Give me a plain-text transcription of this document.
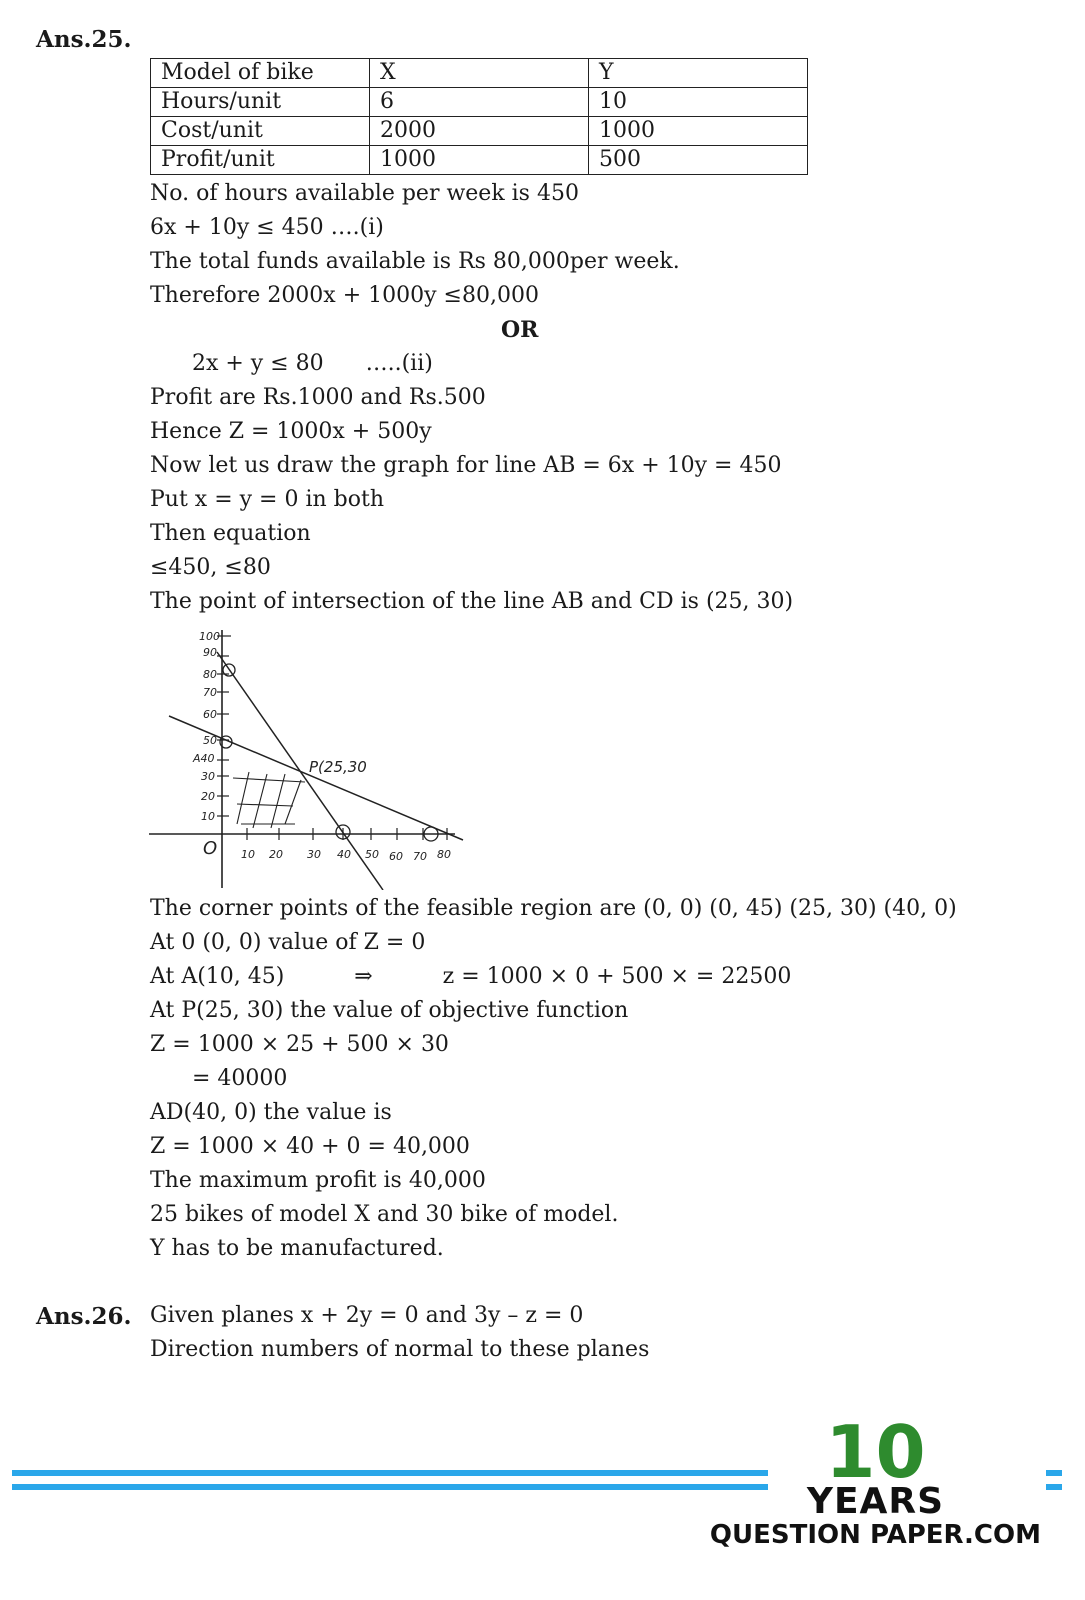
Ans.25.
Model of bike	X	Y
Hours/unit	6	10
Cost/unit	2000	1000
Profit/unit	1000	500
No. of hours available per week is 450
6x + 10y ≤ 450 ….(i)
The total funds available is Rs 80,000per week.
Therefore 2000x + 1000y ≤80,000
OR
2x + y ≤ 80      …..(ii)
Profit are Rs.1000 and Rs.500
Hence Z = 1000x + 500y
Now let us draw the graph for line AB = 6x + 10y = 450
Put x = y = 0 in both
Then equation
≤450, ≤80
The point of intersection of the line AB and CD is (25, 30)
100
90
80
70
60
50
A40
30
20
10
10 20 30 40 50 60 70 80
O
P(25,30
The corner points of the feasible region are (0, 0) (0, 45) (25, 30) (40, 0)
At 0 (0, 0) value of Z = 0
At A(10, 45)          ⇒          z = 1000 × 0 + 500 × = 22500
At P(25, 30) the value of objective function
Z = 1000 × 25 + 500 × 30
= 40000
AD(40, 0) the value is
Z = 1000 × 40 + 0 = 40,000
The maximum profit is 40,000
25 bikes of model X and 30 bike of model.
Y has to be manufactured.
Ans.26. Given planes x + 2y = 0 and 3y – z = 0
Direction numbers of normal to these planes
10
YEARS
QUESTION PAPER.COM
